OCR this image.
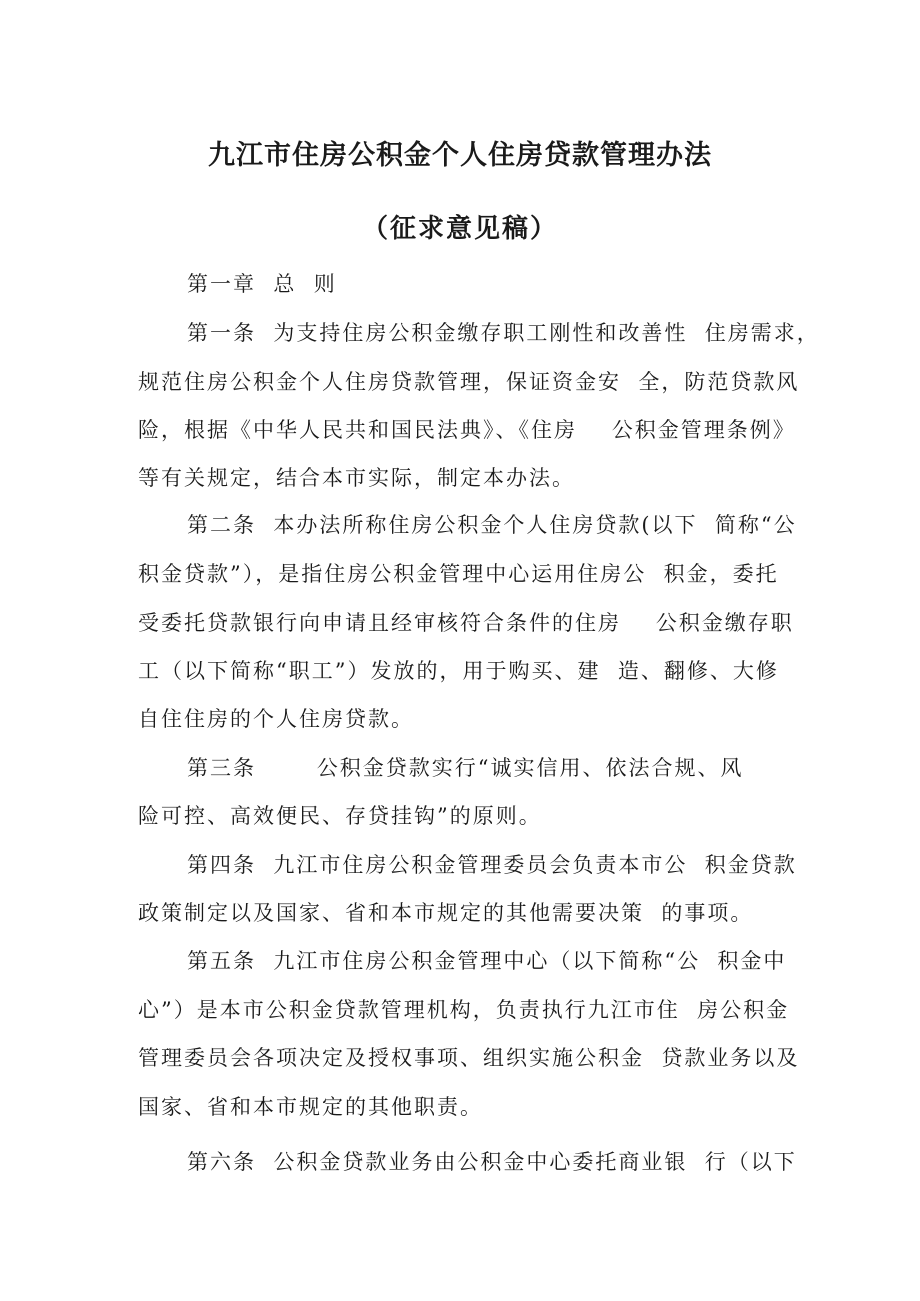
九江市住房公积金个人住房贷款管理办法
（征求意见稿）
第一章  总  则
第一条  为支持住房公积金缴存职工刚性和改善性  住房需求，
规范住房公积金个人住房贷款管理，保证资金安  全，防范贷款风
险，根据《中华人民共和国民法典》、《住房    公积金管理条例》
等有关规定，结合本市实际，制定本办法。
第二条  本办法所称住房公积金个人住房贷款(以下  简称“公
积金贷款”），是指住房公积金管理中心运用住房公  积金，委托
受委托贷款银行向申请且经审核符合条件的住房    公积金缴存职
工（以下简称“职工”）发放的，用于购买、建  造、翻修、大修
自住住房的个人住房贷款。
第三条       公积金贷款实行“诚实信用、依法合规、风
险可控、高效便民、存贷挂钩”的原则。
第四条  九江市住房公积金管理委员会负责本市公  积金贷款
政策制定以及国家、省和本市规定的其他需要决策  的事项。
第五条  九江市住房公积金管理中心（以下简称“公  积金中
心”）是本市公积金贷款管理机构，负责执行九江市住  房公积金
管理委员会各项决定及授权事项、组织实施公积金  贷款业务以及
国家、省和本市规定的其他职责。
第六条  公积金贷款业务由公积金中心委托商业银  行（以下
